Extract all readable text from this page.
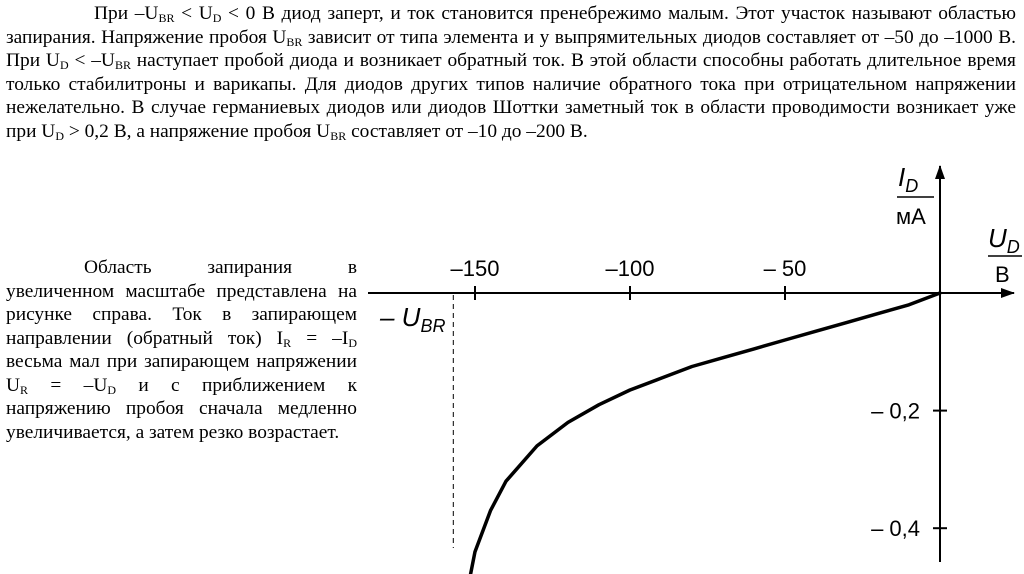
При $-U_{BR} < U_D < 0$ В диод заперт, и ток становится пренебрежимо малым. Этот участок называют областью запирания. Напряжение пробоя $U_{BR}$ зависит от типа элемента и у выпрямительных диодов составляет от –50 до –1000 В. При $U_D < -U_{BR}$ наступает пробой диода и возникает обратный ток. В этой области способны работать длительное время только стабилитроны и варикапы. Для диодов других типов наличие обратного тока при отрицательном напряжении нежелательно. В случае германиевых диодов или диодов Шоттки заметный ток в области проводимости возникает уже при $U_D > 0,2$ В, а напряжение пробоя $U_{BR}$ составляет от –10 до –200 В.

Область запирания в увеличенном масштабе представлена на рисунке справа. Ток в запирающем направлении (обратный ток) $I_R = -I_D$ весьма мал при запирающем напряжении $U_R = -U_D$ и с приближением к напряжению пробоя сначала медленно увеличивается, а затем резко возрастает.

–150	–100	– 50
$U_D$
В
– 0,2
– 0,4
$I_D$
мА
– $U_{BR}$
